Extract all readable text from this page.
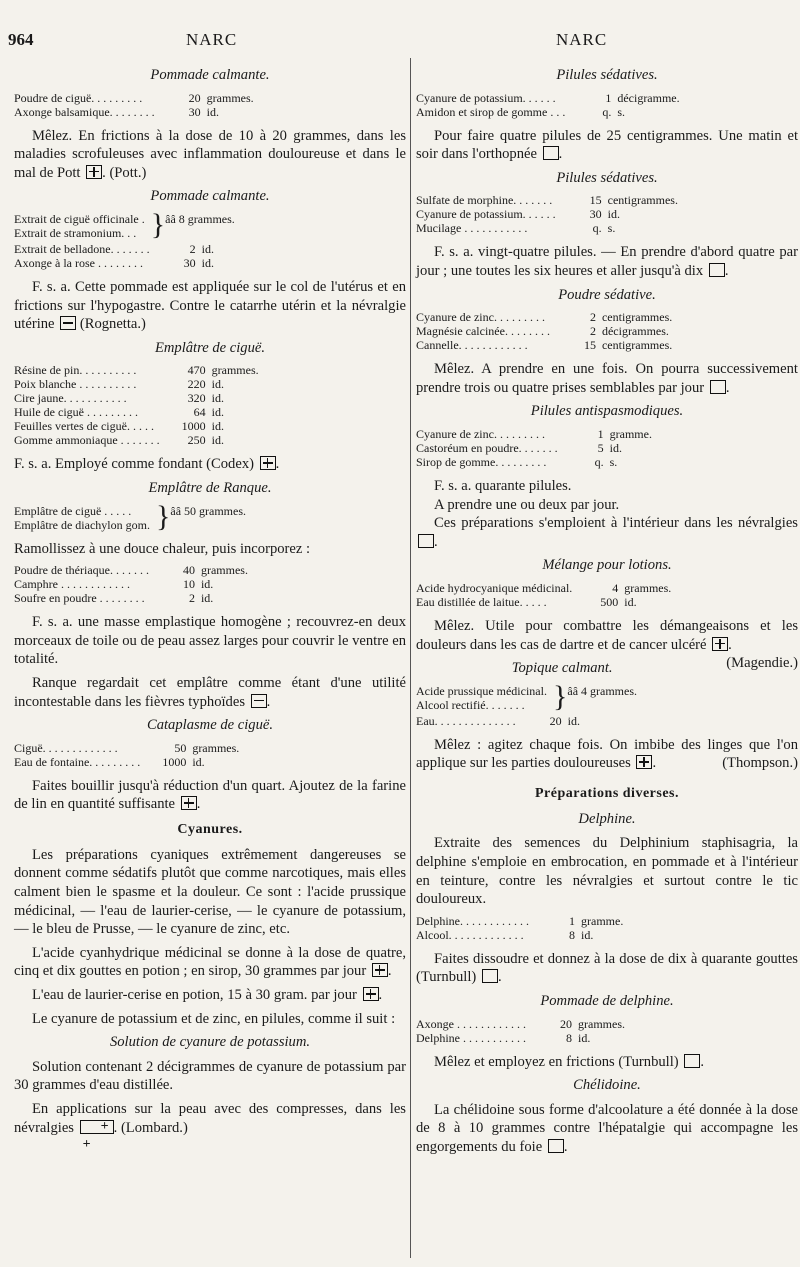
964	NARC	NARC
Pommade calmante.
Poudre de ciguë. . . . . . . . .	20	grammes.
Axonge balsamique. . . . . . . .	30	id.

Mêlez. En frictions à la dose de 10 à 20 grammes, dans les maladies scrofuleuses avec inflammation douloureuse et dans le mal de Pott . (Pott.)

Pommade calmante.
Extrait de ciguë officinale .	}	ââ 8 grammes.
Extrait de stramonium. . .
Extrait de belladone. . . . . . .	2	id.
Axonge à la rose . . . . . . . .	30	id.

F. s. a. Cette pommade est appliquée sur le col de l'utérus et en frictions sur l'hypogastre. Contre le catarrhe utérin et la névralgie utérine (Rognetta.)

Emplâtre de ciguë.
Résine de pin. . . . . . . . . .	470	grammes.
Poix blanche . . . . . . . . . .	220	id.
Cire jaune. . . . . . . . . . .	320	id.
Huile de ciguë . . . . . . . . .	64	id.
Feuilles vertes de ciguë. . . . .	1000	id.
Gomme ammoniaque . . . . . . .	250	id.

F. s. a. Employé comme fondant (Codex) .

Emplâtre de Ranque.
Emplâtre de ciguë . . . . .	}	ââ 50 grammes.
Emplâtre de diachylon gom.

Ramollissez à une douce chaleur, puis incorporez :

Poudre de thériaque. . . . . . .	40	grammes.
Camphre . . . . . . . . . . . .	10	id.
Soufre en poudre . . . . . . . .	2	id.

F. s. a. une masse emplastique homogène ; recouvrez-en deux morceaux de toile ou de peau assez larges pour couvrir le ventre en totalité.

Ranque regardait cet emplâtre comme étant d'une utilité incontestable dans les fièvres typhoïdes .

Cataplasme de ciguë.
Ciguë. . . . . . . . . . . . .	50	grammes.
Eau de fontaine. . . . . . . . .	1000	id.

Faites bouillir jusqu'à réduction d'un quart. Ajoutez de la farine de lin en quantité suffisante .

Cyanures.

Les préparations cyaniques extrêmement dangereuses se donnent comme sédatifs plutôt que comme narcotiques, mais elles calment bien le spasme et la douleur. Ce sont : l'acide prussique médicinal, — l'eau de laurier-cerise, — le cyanure de potassium, — le bleu de Prusse, — le cyanure de zinc, etc.

L'acide cyanhydrique médicinal se donne à la dose de quatre, cinq et dix gouttes en potion ; en sirop, 30 grammes par jour .

L'eau de laurier-cerise en potion, 15 à 30 gram. par jour .

Le cyanure de potassium et de zinc, en pilules, comme il suit :

Solution de cyanure de potassium.

Solution contenant 2 décigrammes de cyanure de potassium par 30 grammes d'eau distillée.

En applications sur la peau avec des compresses, dans les névralgies + +	. (Lombard.)

Pilules sédatives.
Cyanure de potassium. . . . . .	1	décigramme.
Amidon et sirop de gomme . . .	q.	s.

Pour faire quatre pilules de 25 centigrammes. Une matin et soir dans l'orthopnée .

Pilules sédatives.
Sulfate de morphine. . . . . . .	15	centigrammes.
Cyanure de potassium. . . . . .	30	id.
Mucilage . . . . . . . . . . .	q.	s.

F. s. a. vingt-quatre pilules. — En prendre d'abord quatre par jour ; une toutes les six heures et aller jusqu'à dix .

Poudre sédative.
Cyanure de zinc. . . . . . . . .	2	centigrammes.
Magnésie calcinée. . . . . . . .	2	décigrammes.
Cannelle. . . . . . . . . . . .	15	centigrammes.

Mêlez. A prendre en une fois. On pourra successivement prendre trois ou quatre prises semblables par jour .

Pilules antispasmodiques.
Cyanure de zinc. . . . . . . . .	1	gramme.
Castoréum en poudre. . . . . . .	5	id.
Sirop de gomme. . . . . . . . .	q.	s.

F. s. a. quarante pilules.

A prendre une ou deux par jour.

Ces préparations s'emploient à l'intérieur dans les névralgies .

Mélange pour lotions.
Acide hydrocyanique médicinal.	4	grammes.
Eau distillée de laitue. . . . .	500	id.

Mêlez. Utile pour combattre les démangeaisons et les douleurs dans les cas de dartre et de cancer ulcéré .
(Magendie.)

Topique calmant.
Acide prussique médicinal.	}	ââ 4 grammes.
Alcool rectifié. . . . . . .
Eau. . . . . . . . . . . . . .	20	id.

Mêlez : agitez chaque fois. On imbibe des linges que l'on applique sur les parties douloureuses .	(Thompson.)

Préparations diverses.
Delphine.

Extraite des semences du Delphinium staphisagria, la delphine s'emploie en embrocation, en pommade et à l'intérieur en teinture, contre les névralgies et surtout contre le tic douloureux.

Delphine. . . . . . . . . . . .	1	gramme.
Alcool. . . . . . . . . . . . .	8	id.

Faites dissoudre et donnez à la dose de dix à quarante gouttes (Turnbull) .

Pommade de delphine.
Axonge . . . . . . . . . . . .	20	grammes.
Delphine . . . . . . . . . . .	8	id.

Mêlez et employez en frictions (Turnbull) .

Chélidoine.

La chélidoine sous forme d'alcoolature a été donnée à la dose de 8 à 10 grammes contre l'hépatalgie qui accompagne les engorgements du foie .
